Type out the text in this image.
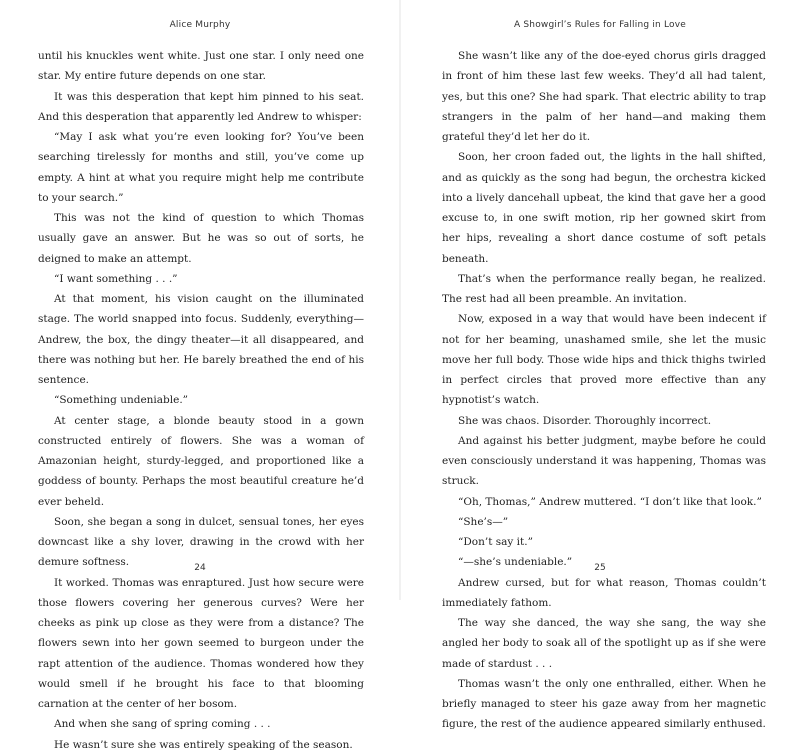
Alice Murphy

until his knuckles went white. Just one star. I only need one star. My entire future depends on one star.

It was this desperation that kept him pinned to his seat. And this desperation that apparently led Andrew to whisper:

“May I ask what you’re even looking for? You’ve been searching tirelessly for months and still, you’ve come up empty. A hint at what you require might help me contribute to your search.”

This was not the kind of question to which Thomas usually gave an answer. But he was so out of sorts, he deigned to make an attempt.

“I want something . . .”

At that moment, his vision caught on the illuminated stage. The world snapped into focus. Suddenly, everything—Andrew, the box, the dingy theater—it all disappeared, and there was nothing but her. He barely breathed the end of his sentence.

“Something undeniable.”

At center stage, a blonde beauty stood in a gown constructed entirely of flowers. She was a woman of Amazonian height, sturdy-legged, and proportioned like a goddess of bounty. Perhaps the most beautiful creature he’d ever beheld.

Soon, she began a song in dulcet, sensual tones, her eyes downcast like a shy lover, drawing in the crowd with her demure softness.

It worked. Thomas was enraptured. Just how secure were those flowers covering her generous curves? Were her cheeks as pink up close as they were from a distance? The flowers sewn into her gown seemed to burgeon under the rapt attention of the audience. Thomas wondered how they would smell if he brought his face to that blooming carnation at the center of her bosom.

And when she sang of spring coming . . .

He wasn’t sure she was entirely speaking of the season.

24
A Showgirl’s Rules for Falling in Love

She wasn’t like any of the doe-eyed chorus girls dragged in front of him these last few weeks. They’d all had talent, yes, but this one? She had spark. That electric ability to trap strangers in the palm of her hand—and making them grateful they’d let her do it.

Soon, her croon faded out, the lights in the hall shifted, and as quickly as the song had begun, the orchestra kicked into a lively dancehall upbeat, the kind that gave her a good excuse to, in one swift motion, rip her gowned skirt from her hips, revealing a short dance costume of soft petals beneath.

That’s when the performance really began, he realized. The rest had all been preamble. An invitation.

Now, exposed in a way that would have been indecent if not for her beaming, unashamed smile, she let the music move her full body. Those wide hips and thick thighs twirled in perfect circles that proved more effective than any hypnotist’s watch.

She was chaos. Disorder. Thoroughly incorrect.

And against his better judgment, maybe before he could even consciously understand it was happening, Thomas was struck.

“Oh, Thomas,” Andrew muttered. “I don’t like that look.”

“She’s—”

“Don’t say it.”

“—she’s undeniable.”

Andrew cursed, but for what reason, Thomas couldn’t immediately fathom.

The way she danced, the way she sang, the way she angled her body to soak all of the spotlight up as if she were made of stardust . . .

Thomas wasn’t the only one enthralled, either. When he briefly managed to steer his gaze away from her magnetic figure, the rest of the audience appeared similarly enthused.

25
